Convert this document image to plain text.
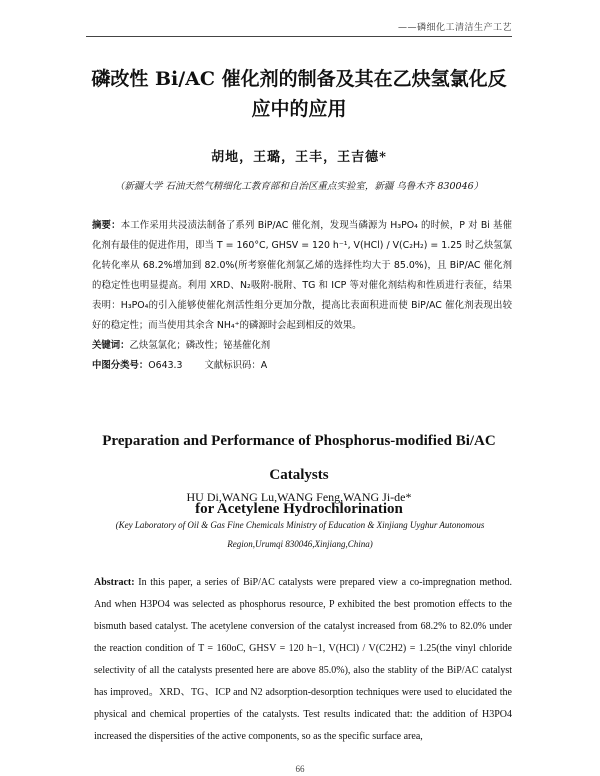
——磷细化工清洁生产工艺
磷改性 Bi/AC 催化剂的制备及其在乙炔氢氯化反应中的应用
胡地，王璐，王丰，王吉德*
（新疆大学 石油天然气精细化工教育部和自治区重点实验室，新疆 乌鲁木齐 830046）

摘要：本工作采用共浸渍法制备了系列 BiP/AC 催化剂，发现当磷源为 H₃PO₄ 的时候，P 对 Bi 基催化剂有最佳的促进作用，即当 T = 160°C, GHSV = 120 h⁻¹, V(HCl) / V(C₂H₂) = 1.25 时乙炔氢氯化转化率从 68.2%增加到 82.0%(所考察催化剂氯乙烯的选择性均大于 85.0%)，且 BiP/AC 催化剂的稳定性也明显提高。利用 XRD、N₂吸附-脱附、TG 和 ICP 等对催化剂结构和性质进行表征，结果表明：H₃PO₄的引入能够使催化剂活性组分更加分散，提高比表面积进而使 BiP/AC 催化剂表现出较好的稳定性；而当使用其余含 NH₄⁺的磷源时会起到相反的效果。

关键词：乙炔氢氯化；磷改性；铋基催化剂

中图分类号：O643.3 文献标识码：A

Preparation and Performance of Phosphorus-modified Bi/AC Catalysts
for Acetylene Hydrochlorination
HU Di,WANG Lu,WANG Feng,WANG Ji-de*
(Key Laboratory of Oil & Gas Fine Chemicals Ministry of Education & Xinjiang Uyghur Autonomous Region,Urumqi 830046,Xinjiang,China)
Abstract: In this paper, a series of BiP/AC catalysts were prepared view a co-impregnation method. And when H3PO4 was selected as phosphorus resource, P exhibited the best promotion effects to the bismuth based catalyst. The acetylene conversion of the catalyst increased from 68.2% to 82.0% under the reaction condition of T = 160oC, GHSV = 120 h−1, V(HCl) / V(C2H2) = 1.25(the vinyl chloride selectivity of all the catalysts presented here are above 85.0%), also the stablity of the BiP/AC catalyst has improved。XRD、TG、ICP and N2 adsorption-desorption techniques were used to elucidated the physical and chemical properties of the catalysts. Test results indicated that: the addition of H3PO4 increased the dispersities of the active components, so as the specific surface area,
66
